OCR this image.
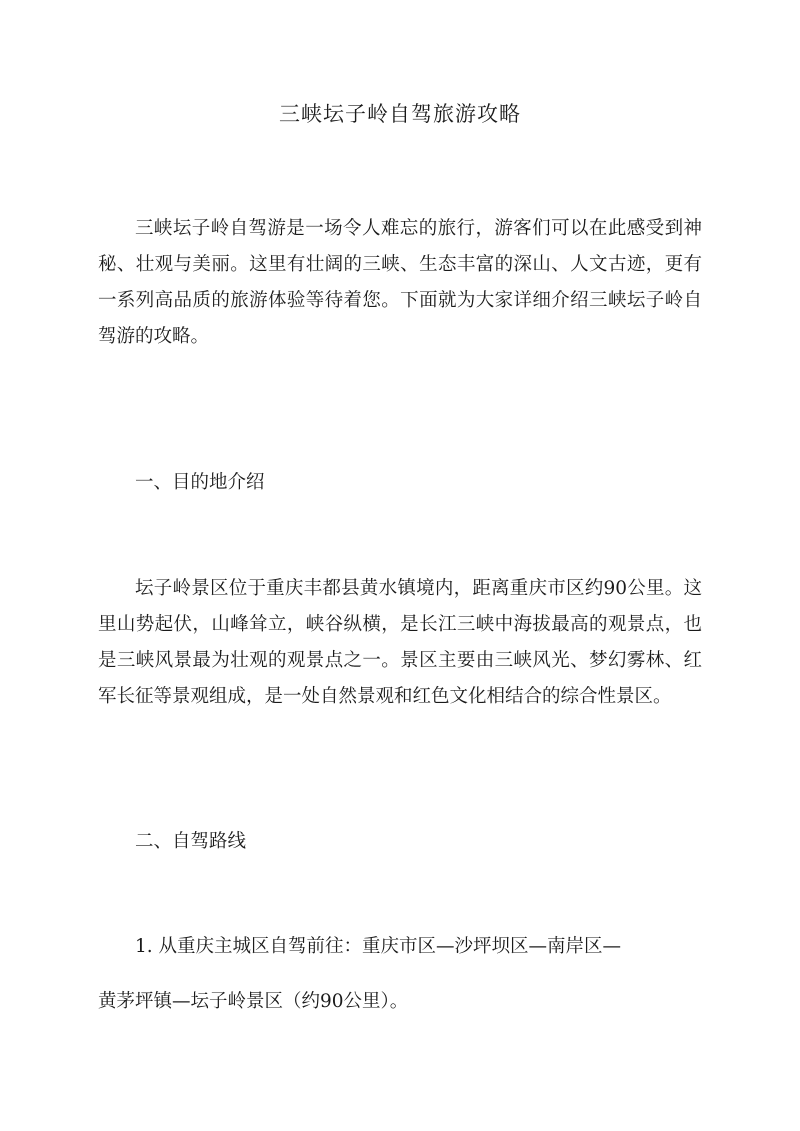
三峡坛子岭自驾旅游攻略

三峡坛子岭自驾游是一场令人难忘的旅行，游客们可以在此感受到神秘、壮观与美丽。这里有壮阔的三峡、生态丰富的深山、人文古迹，更有一系列高品质的旅游体验等待着您。下面就为大家详细介绍三峡坛子岭自驾游的攻略。

一、目的地介绍

坛子岭景区位于重庆丰都县黄水镇境内，距离重庆市区约90公里。这里山势起伏，山峰耸立，峡谷纵横，是长江三峡中海拔最高的观景点，也是三峡风景最为壮观的观景点之一。景区主要由三峡风光、梦幻雾林、红军长征等景观组成，是一处自然景观和红色文化相结合的综合性景区。

二、自驾路线

1. 从重庆主城区自驾前往：重庆市区—沙坪坝区—南岸区—

黄茅坪镇—坛子岭景区（约90公里）。
